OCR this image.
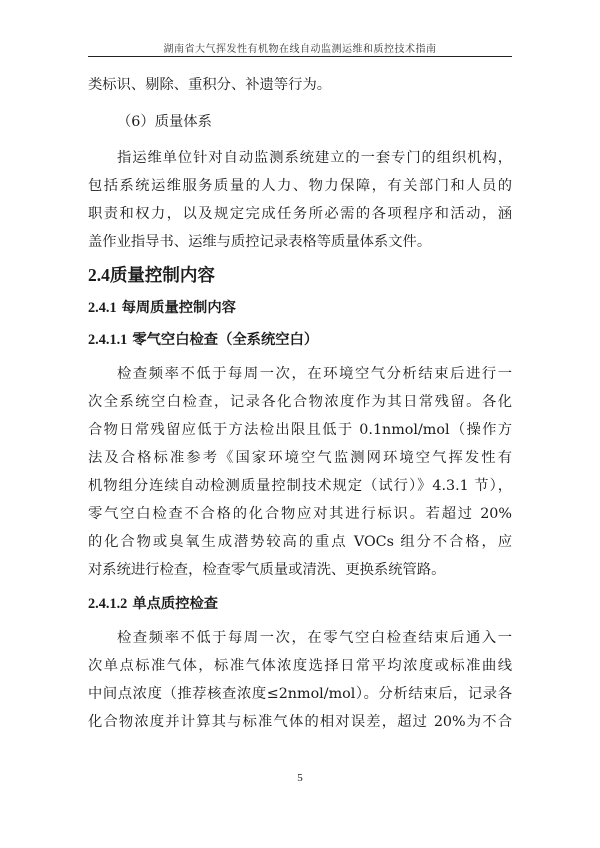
湖南省大气挥发性有机物在线自动监测运维和质控技术指南
类标识、剔除、重积分、补遗等行为。
（6）质量体系
指运维单位针对自动监测系统建立的一套专门的组织机构，
包括系统运维服务质量的人力、物力保障，有关部门和人员的
职责和权力，以及规定完成任务所必需的各项程序和活动，涵
盖作业指导书、运维与质控记录表格等质量体系文件。
2.4质量控制内容
2.4.1 每周质量控制内容
2.4.1.1 零气空白检查（全系统空白）
检查频率不低于每周一次，在环境空气分析结束后进行一
次全系统空白检查，记录各化合物浓度作为其日常残留。各化
合物日常残留应低于方法检出限且低于 0.1nmol/mol（操作方
法及合格标准参考《国家环境空气监测网环境空气挥发性有
机物组分连续自动检测质量控制技术规定（试行）》4.3.1 节），
零气空白检查不合格的化合物应对其进行标识。若超过 20%
的化合物或臭氧生成潜势较高的重点 VOCs 组分不合格，应
对系统进行检查，检查零气质量或清洗、更换系统管路。
2.4.1.2 单点质控检查
检查频率不低于每周一次，在零气空白检查结束后通入一
次单点标准气体，标准气体浓度选择日常平均浓度或标准曲线
中间点浓度（推荐核查浓度≤2nmol/mol）。分析结束后，记录各
化合物浓度并计算其与标准气体的相对误差，超过 20%为不合
5
